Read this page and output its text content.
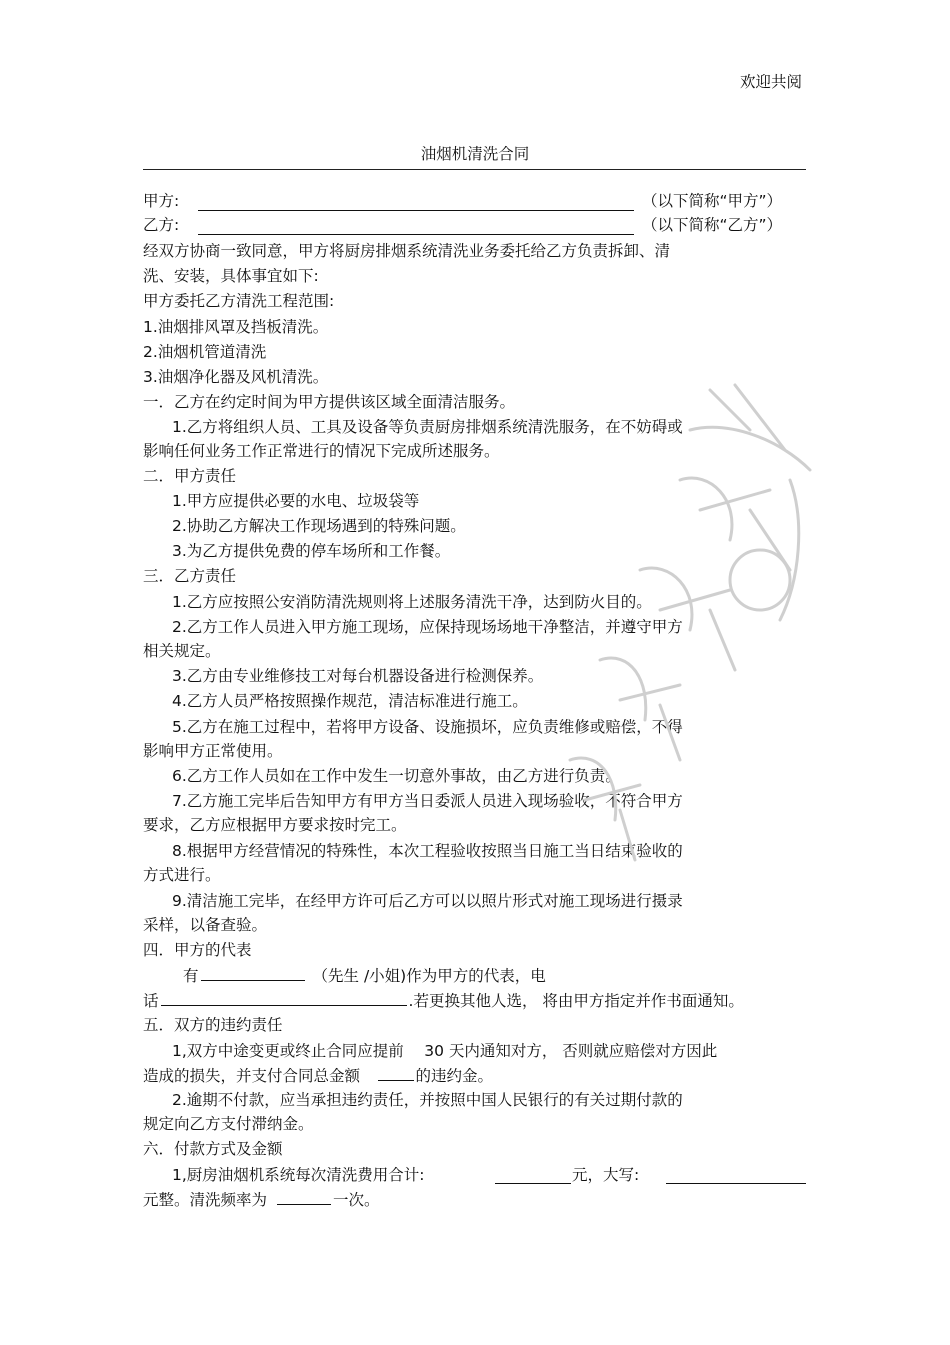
欢迎共阅
油烟机清洗合同
甲方:	（以下简称“甲方”）
乙方:	（以下简称“乙方”）
经双方协商一致同意，甲方将厨房排烟系统清洗业务委托给乙方负责拆卸、清
洗、安装，具体事宜如下:
甲方委托乙方清洗工程范围:
1.油烟排风罩及挡板清洗。
2.油烟机管道清洗
3.油烟净化器及风机清洗。
一．乙方在约定时间为甲方提供该区域全面清洁服务。
1.乙方将组织人员、工具及设备等负责厨房排烟系统清洗服务，在不妨碍或
影响任何业务工作正常进行的情况下完成所述服务。
二．甲方责任
1.甲方应提供必要的水电、垃圾袋等
2.协助乙方解决工作现场遇到的特殊问题。
3.为乙方提供免费的停车场所和工作餐。
三．乙方责任
1.乙方应按照公安消防清洗规则将上述服务清洗干净，达到防火目的。
2.乙方工作人员进入甲方施工现场，应保持现场场地干净整洁，并遵守甲方
相关规定。
3.乙方由专业维修技工对每台机器设备进行检测保养。
4.乙方人员严格按照操作规范，清洁标准进行施工。
5.乙方在施工过程中，若将甲方设备、设施损坏，应负责维修或赔偿，不得
影响甲方正常使用。
6.乙方工作人员如在工作中发生一切意外事故，由乙方进行负责。
7.乙方施工完毕后告知甲方有甲方当日委派人员进入现场验收，不符合甲方
要求，乙方应根据甲方要求按时完工。
8.根据甲方经营情况的特殊性，本次工程验收按照当日施工当日结束验收的
方式进行。
9.清洁施工完毕，在经甲方许可后乙方可以以照片形式对施工现场进行摄录
采样，以备查验。
四．甲方的代表
有	（先生 /小姐)作为甲方的代表，电
话	.若更换其他人选， 将由甲方指定并作书面通知。
五．双方的违约责任
1,双方中途变更或终止合同应提前　 30 天内通知对方， 否则就应赔偿对方因此
造成的损失，并支付合同总金额　	的违约金。
2.逾期不付款，应当承担违约责任，并按照中国人民银行的有关过期付款的
规定向乙方支付滞纳金。
六．付款方式及金额
1,厨房油烟机系统每次清洗费用合计:	元，大写:
元整。清洗频率为	一次。
